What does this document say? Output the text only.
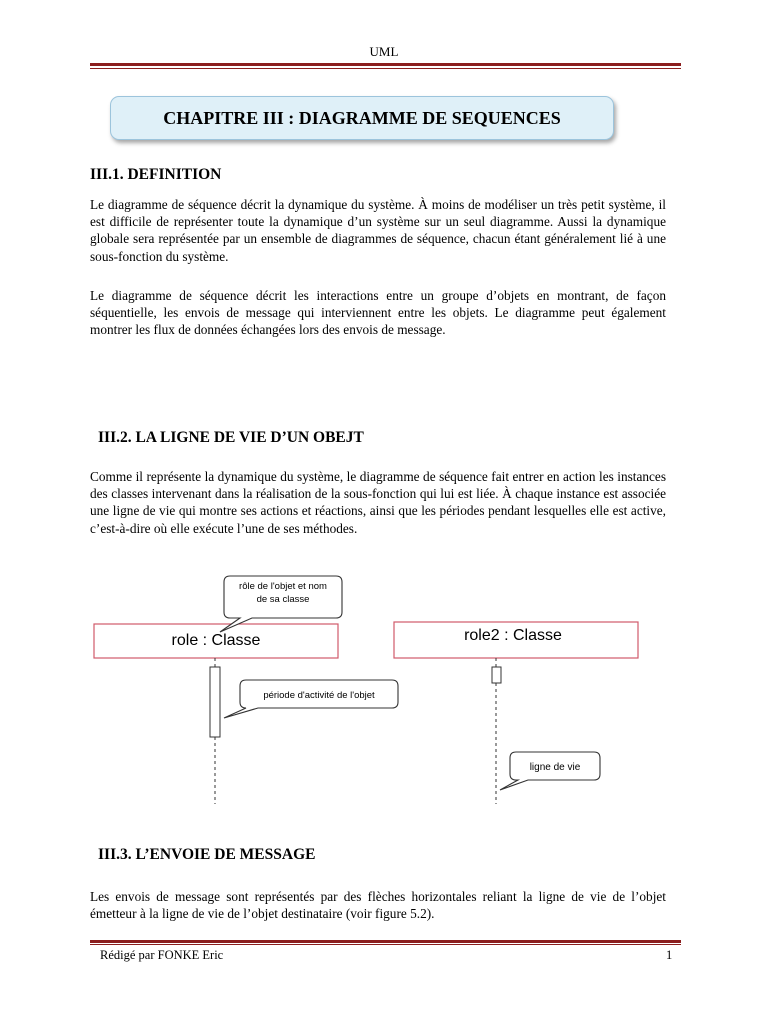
UML
CHAPITRE III : DIAGRAMME DE SEQUENCES
III.1. DEFINITION
Le diagramme de séquence décrit la dynamique du système. À moins de modéliser un très petit système, il est difficile de représenter toute la dynamique d’un système sur un seul diagramme. Aussi la dynamique globale sera représentée par un ensemble de diagrammes de séquence, chacun étant généralement lié à une sous-fonction du système.
Le diagramme de séquence décrit les interactions entre un groupe d’objets en montrant, de façon séquentielle, les envois de message qui interviennent entre les objets. Le diagramme peut également montrer les flux de données échangées lors des envois de message.
III.2. LA LIGNE DE VIE D’UN OBEJT
Comme il représente la dynamique du système, le diagramme de séquence fait entrer en action les instances des classes intervenant dans la réalisation de la sous-fonction qui lui est liée. À chaque instance est associée une ligne de vie qui montre ses actions et réactions, ainsi que les périodes pendant lesquelles elle est active, c’est-à-dire où elle exécute l’une de ses méthodes.
role : Classe	role2 : Classe
rôle de l'objet et nom
de sa classe
période d'activité de l'objet
ligne de vie
III.3. L’ENVOIE DE MESSAGE
Les envois de message sont représentés par des flèches horizontales reliant la ligne de vie de l’objet émetteur à la ligne de vie de l’objet destinataire (voir figure 5.2).
Rédigé par FONKE Eric	1
